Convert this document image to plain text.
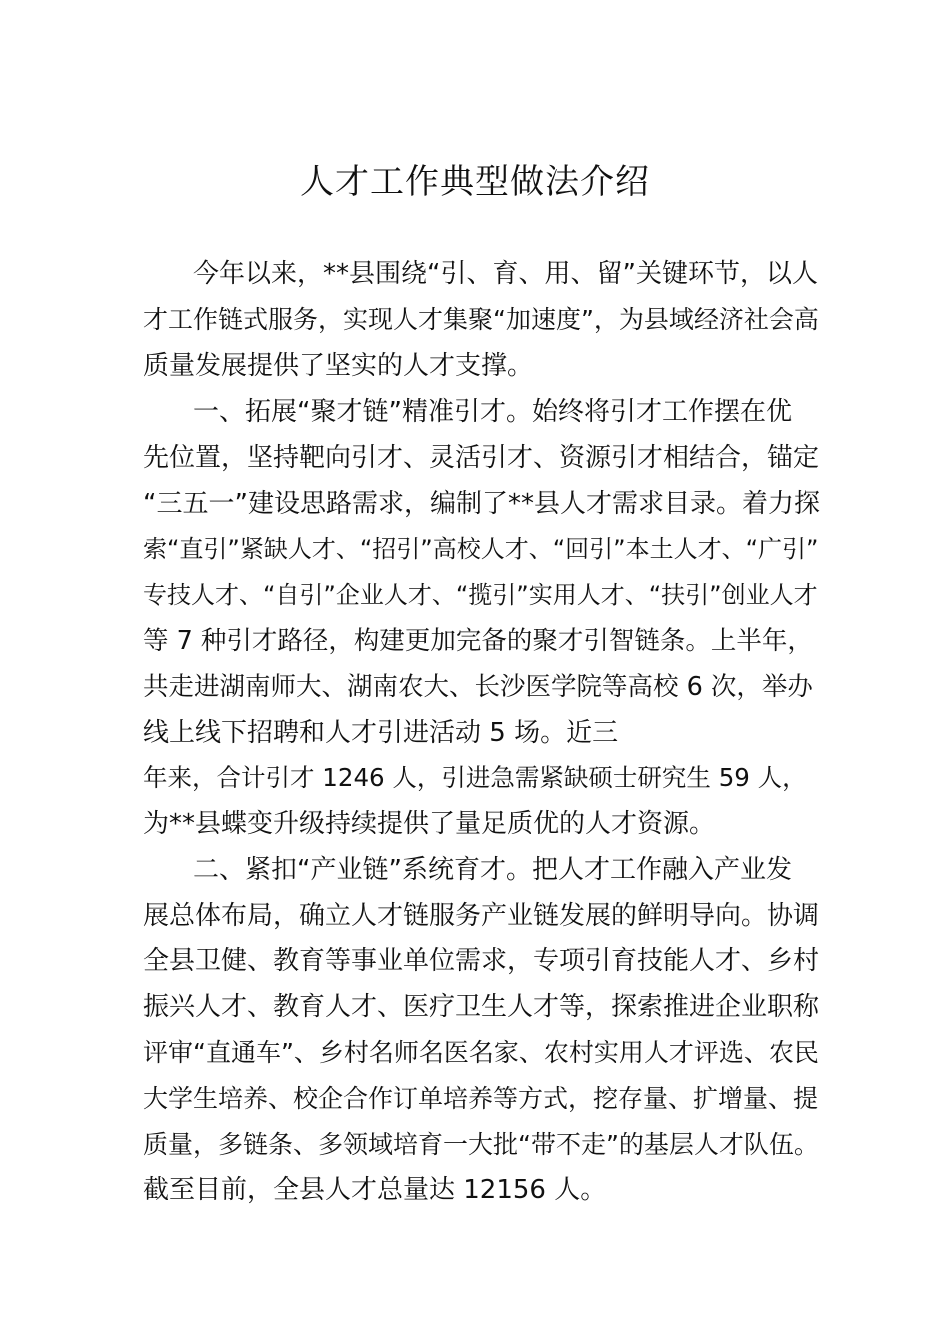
人才工作典型做法介绍
今年以来，**县围绕“引、育、用、留”关键环节，以人
才工作链式服务，实现人才集聚“加速度”，为县域经济社会高
质量发展提供了坚实的人才支撑。
一、拓展“聚才链”精准引才。始终将引才工作摆在优
先位置，坚持靶向引才、灵活引才、资源引才相结合，锚定
“三五一”建设思路需求，编制了**县人才需求目录。着力探
索“直引”紧缺人才、“招引”高校人才、“回引”本土人才、“广引”
专技人才、“自引”企业人才、“揽引”实用人才、“扶引”创业人才
等 7 种引才路径，构建更加完备的聚才引智链条。上半年，
共走进湖南师大、湖南农大、长沙医学院等高校 6 次，举办
线上线下招聘和人才引进活动 5 场。近三
年来，合计引才 1246 人，引进急需紧缺硕士研究生 59 人，
为**县蝶变升级持续提供了量足质优的人才资源。
二、紧扣“产业链”系统育才。把人才工作融入产业发
展总体布局，确立人才链服务产业链发展的鲜明导向。协调
全县卫健、教育等事业单位需求，专项引育技能人才、乡村
振兴人才、教育人才、医疗卫生人才等，探索推进企业职称
评审“直通车”、乡村名师名医名家、农村实用人才评选、农民
大学生培养、校企合作订单培养等方式，挖存量、扩增量、提
质量，多链条、多领域培育一大批“带不走”的基层人才队伍。
截至目前，全县人才总量达 12156 人。
